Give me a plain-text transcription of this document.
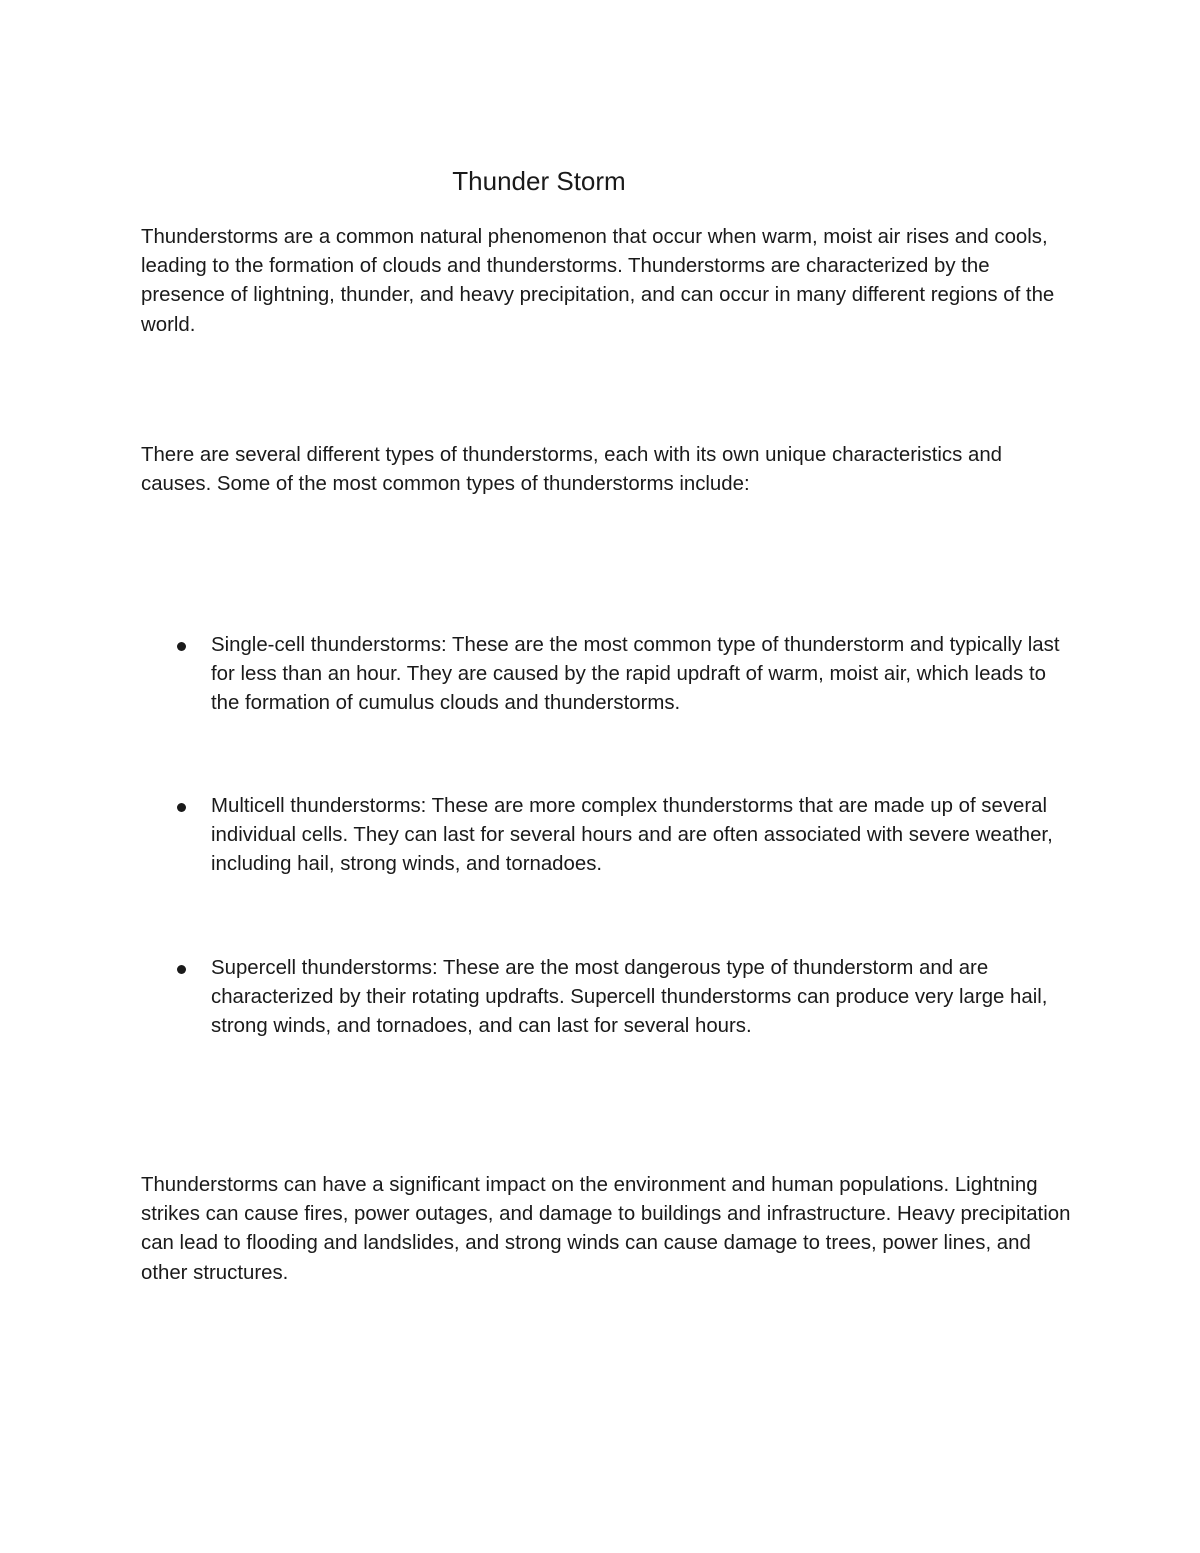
Thunder Storm

Thunderstorms are a common natural phenomenon that occur when warm, moist air rises and cools, leading to the formation of clouds and thunderstorms. Thunderstorms are characterized by the presence of lightning, thunder, and heavy precipitation, and can occur in many different regions of the world.

There are several different types of thunderstorms, each with its own unique characteristics and causes. Some of the most common types of thunderstorms include:

Single-cell thunderstorms: These are the most common type of thunderstorm and typically last for less than an hour. They are caused by the rapid updraft of warm, moist air, which leads to the formation of cumulus clouds and thunderstorms.

Multicell thunderstorms: These are more complex thunderstorms that are made up of several individual cells. They can last for several hours and are often associated with severe weather, including hail, strong winds, and tornadoes.

Supercell thunderstorms: These are the most dangerous type of thunderstorm and are characterized by their rotating updrafts. Supercell thunderstorms can produce very large hail, strong winds, and tornadoes, and can last for several hours.

Thunderstorms can have a significant impact on the environment and human populations. Lightning strikes can cause fires, power outages, and damage to buildings and infrastructure. Heavy precipitation can lead to flooding and landslides, and strong winds can cause damage to trees, power lines, and other structures.
